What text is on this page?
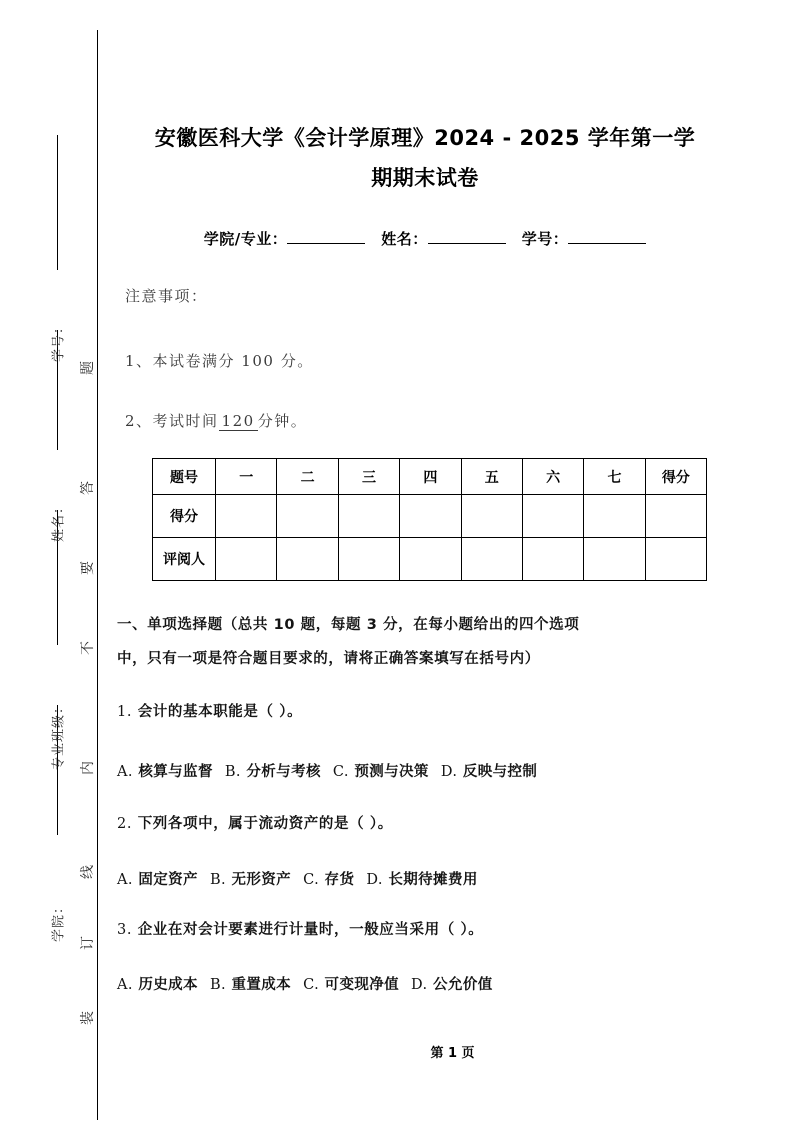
学号：
姓名：
专业班级：
学院：
题
答
要
不
内
线
订
装
安徽医科大学《会计学原理》2024 - 2025 学年第一学
期期末试卷
学院/专业：	姓名：	学号：
注意事项：
1、本试卷满分 100 分。
2、考试时间 120 分钟。
题号	一	二	三	四	五	六	七	得分
得分								
评阅人								
一、单项选择题（总共 10 题，每题 3 分，在每小题给出的四个选项
中，只有一项是符合题目要求的，请将正确答案填写在括号内）
1. 会计的基本职能是（ ）。
A. 核算与监督 B. 分析与考核 C. 预测与决策 D. 反映与控制
2. 下列各项中，属于流动资产的是（ ）。
A. 固定资产 B. 无形资产 C. 存货 D. 长期待摊费用
3. 企业在对会计要素进行计量时，一般应当采用（ ）。
A. 历史成本 B. 重置成本 C. 可变现净值 D. 公允价值
第 1 页
